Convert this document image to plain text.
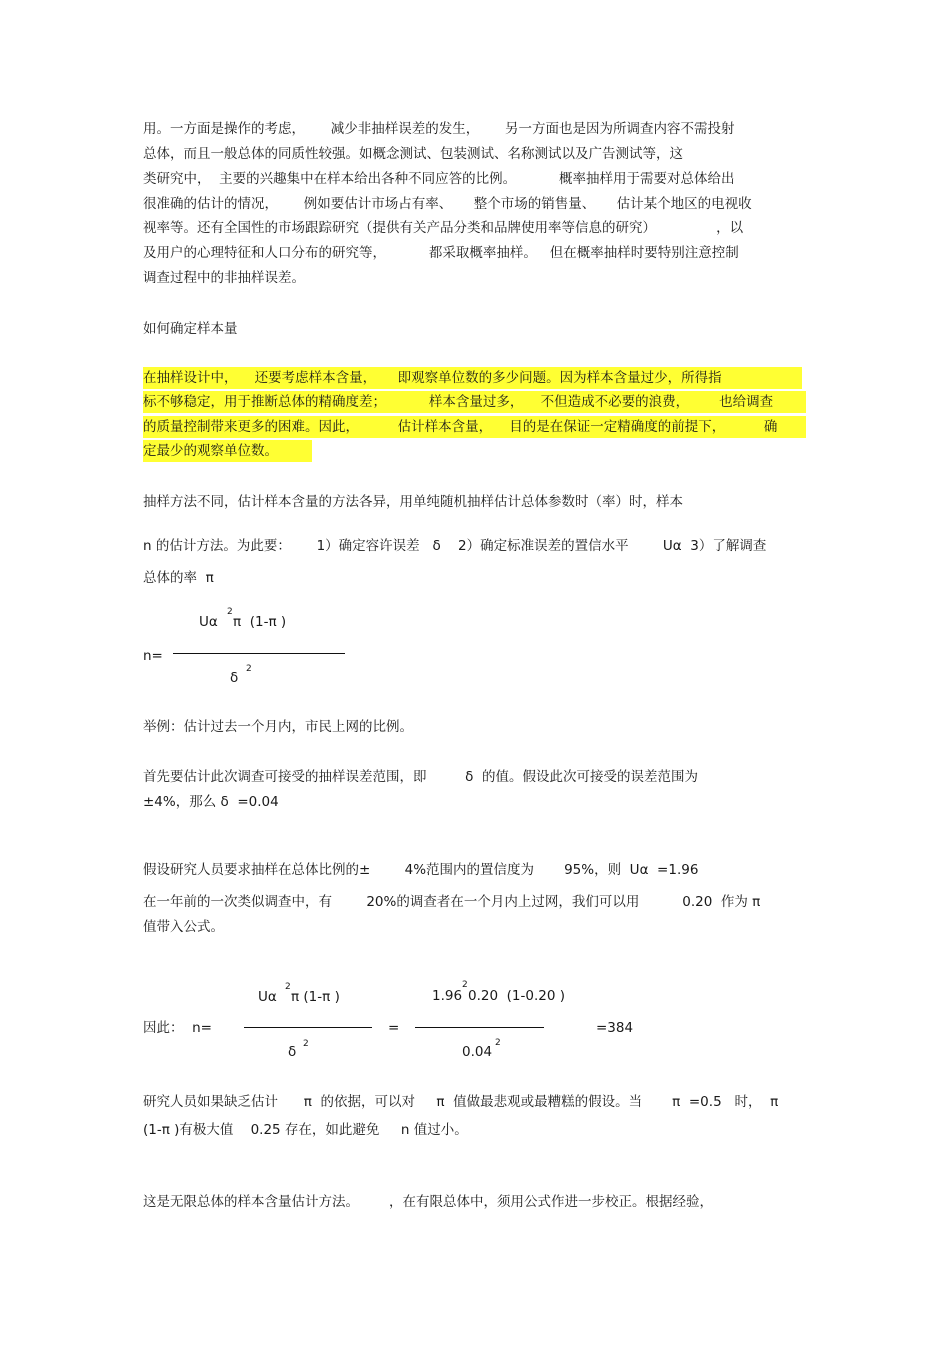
用。一方面是操作的考虑，      减少非抽样误差的发生，      另一方面也是因为所调查内容不需投射
总体，而且一般总体的同质性较强。如概念测试、包装测试、名称测试以及广告测试等，这
类研究中，  主要的兴趣集中在样本给出各种不同应答的比例。          概率抽样用于需要对总体给出
很准确的估计的情况，      例如要估计市场占有率、     整个市场的销售量、     估计某个地区的电视收
视率等。还有全国性的市场跟踪研究（提供有关产品分类和品牌使用率等信息的研究）              ，以
及用户的心理特征和人口分布的研究等，          都采取概率抽样。   但在概率抽样时要特别注意控制
调查过程中的非抽样误差。
如何确定样本量
在抽样设计中，    还要考虑样本含量，     即观察单位数的多少问题。因为样本含量过少，所得指
标不够稳定，用于推断总体的精确度差；          样本含量过多，    不但造成不必要的浪费，       也给调查
的质量控制带来更多的困难。因此，         估计样本含量，    目的是在保证一定精确度的前提下，         确
定最少的观察单位数。
抽样方法不同，估计样本含量的方法各异，用单纯随机抽样估计总体参数时（率）时，样本
n 的估计方法。为此要：      1）确定容许误差   δ    2）确定标准误差的置信水平        Uα  3）了解调查
总体的率  π
Uα
2
π  (1-π )
n=
δ
2
举例：估计过去一个月内，市民上网的比例。
首先要估计此次调查可接受的抽样误差范围，即         δ  的值。假设此次可接受的误差范围为
±4%，那么 δ  =0.04
假设研究人员要求抽样在总体比例的±        4%范围内的置信度为       95%，则  Uα  =1.96
在一年前的一次类似调查中，有        20%的调查者在一个月内上过网，我们可以用          0.20  作为 π
值带入公式。
Uα
2
π (1-π )	1.96
2
0.20  (1-0.20 )
因此：  n=	=	=384
δ 2	0.04
2
研究人员如果缺乏估计      π  的依据，可以对     π  值做最悲观或最糟糕的假设。当       π  =0.5   时，  π
(1-π )有极大值    0.25 存在，如此避免     n 值过小。
这是无限总体的样本含量估计方法。       ，在有限总体中，须用公式作进一步校正。根据经验，
